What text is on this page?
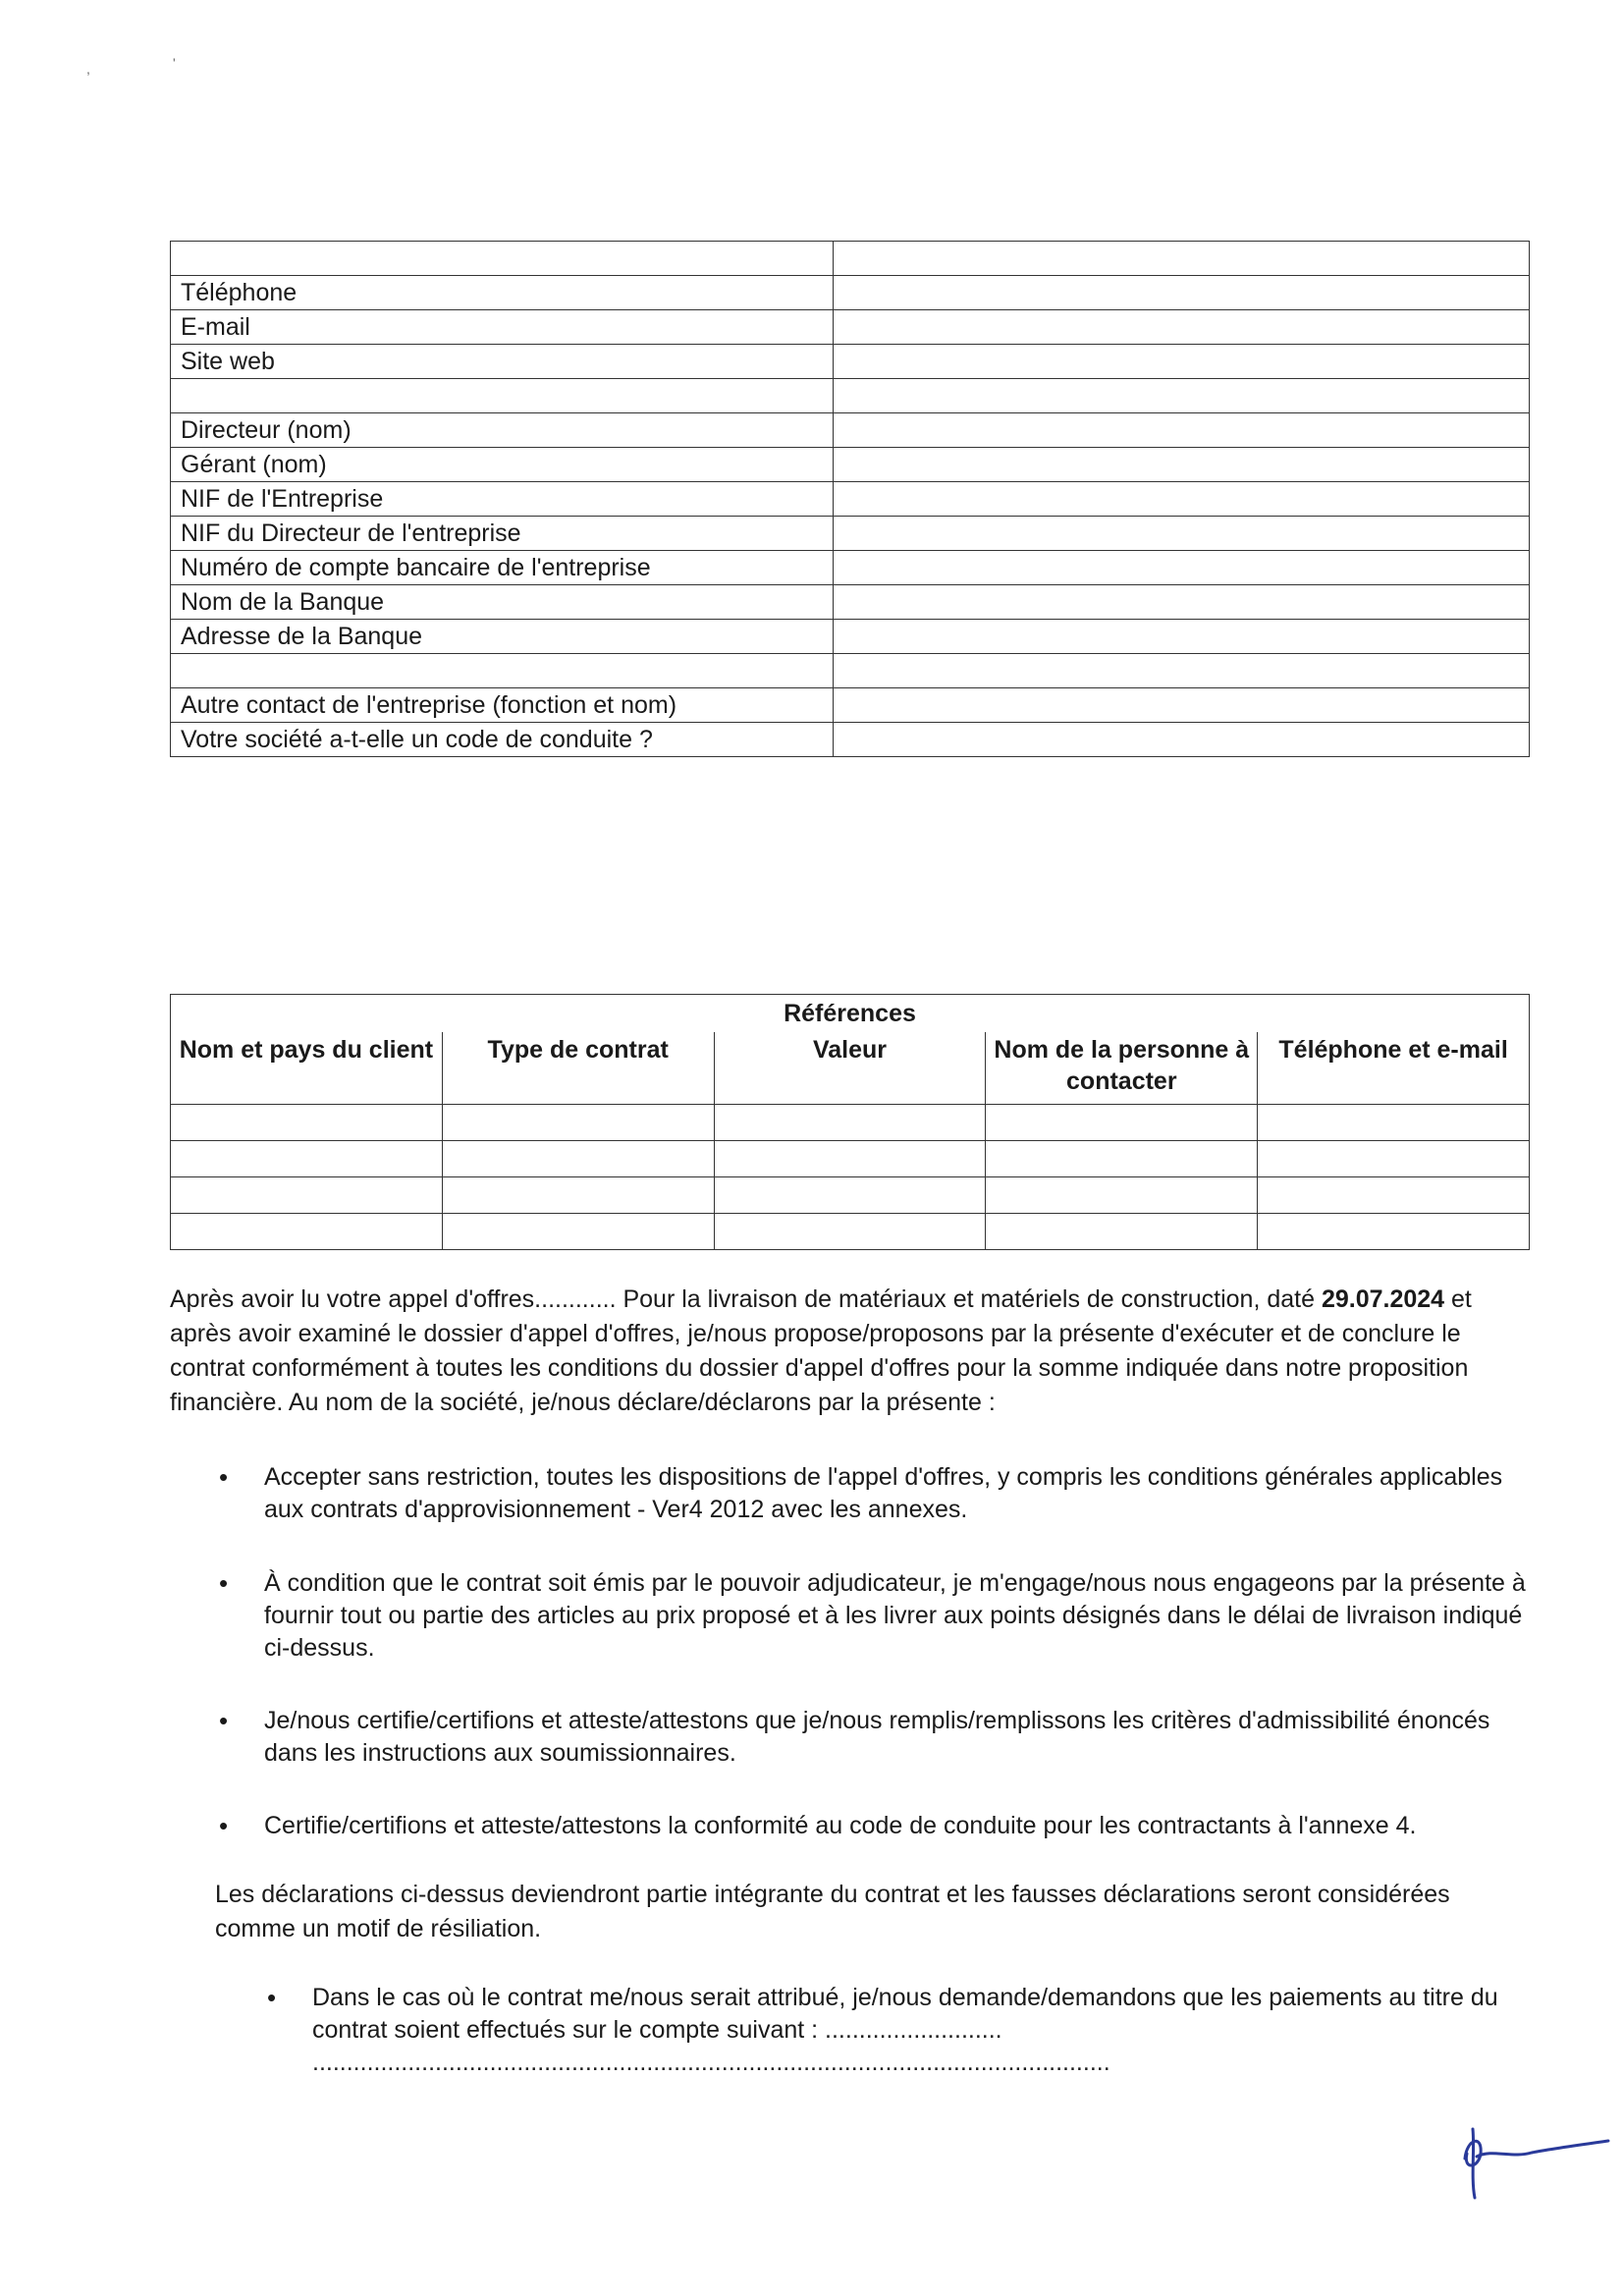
,	'

Téléphone	
E-mail	
Site web	

Directeur (nom)	
Gérant (nom)	
NIF de l'Entreprise	
NIF du Directeur de l'entreprise	
Numéro de compte bancaire de l'entreprise	
Nom de la Banque	
Adresse de la Banque	

Autre contact de l'entreprise (fonction et nom)	
Votre société a-t-elle un code de conduite ?	
		Références		
Nom et pays du client	Type de contrat	Valeur	Nom de la personne à contacter	Téléphone et e-mail

Après avoir lu votre appel d'offres............ Pour la livraison de matériaux et matériels de construction, daté 29.07.2024 et après avoir examiné le dossier d'appel d'offres, je/nous propose/proposons par la présente d'exécuter et de conclure le contrat conformément à toutes les conditions du dossier d'appel d'offres pour la somme indiquée dans notre proposition financière. Au nom de la société, je/nous déclare/déclarons par la présente :

• Accepter sans restriction, toutes les dispositions de l'appel d'offres, y compris les conditions générales applicables aux contrats d'approvisionnement - Ver4 2012 avec les annexes.
• À condition que le contrat soit émis par le pouvoir adjudicateur, je m'engage/nous nous engageons par la présente à fournir tout ou partie des articles au prix proposé et à les livrer aux points désignés dans le délai de livraison indiqué ci-dessus.
• Je/nous certifie/certifions et atteste/attestons que je/nous remplis/remplissons les critères d'admissibilité énoncés dans les instructions aux soumissionnaires.
• Certifie/certifions et atteste/attestons la conformité au code de conduite pour les contractants à l'annexe 4.

Les déclarations ci-dessus deviendront partie intégrante du contrat et les fausses déclarations seront considérées comme un motif de résiliation.

• Dans le cas où le contrat me/nous serait attribué, je/nous demande/demandons que les paiements au titre du contrat soient effectués sur le compte suivant : ..........................
.....................................................................................................................
